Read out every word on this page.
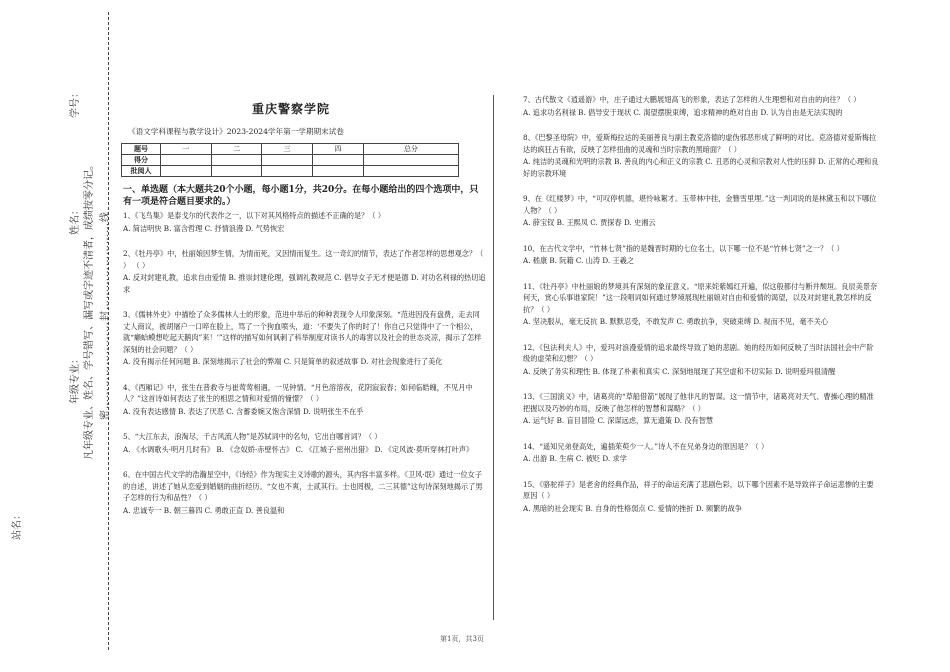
学号：
姓名：
年级专业：
站名：
凡年级专业、姓名、学号错写、漏写或字迹不清者，成绩按零分记。 密……………………封……………………线
重庆警察学院
《语文学科课程与教学设计》2023-2024学年第一学期期末试卷
题号	一	二	三	四	总分
得分					
批阅人					
一、单选题（本大题共20个小题，每小题1分，共20分。在每小题给出的四个选项中，只有一项是符合题目要求的。）

1、《飞鸟集》是泰戈尔的代表作之一，以下对其风格特点的描述不正确的是？（ ）

A. 简洁明快 B. 富含哲理 C. 抒情浪漫 D. 气势恢宏

2、《牡丹亭》中，杜丽娘因梦生情，为情而死，又因情而复生。这一奇幻的情节，表达了作者怎样的思想观念？（ ） （ ）

A. 反对封建礼教，追求自由爱情 B. 推崇封建伦理，强调礼教规范 C. 倡导女子无才便是德 D. 对功名利禄的热切追求

3、《儒林外史》中描绘了众多儒林人士的形象，范进中举后的种种表现令人印象深刻。“范进因没有盘费，走去同丈人商议，被胡屠户一口啐在脸上，骂了一个狗血喷头，道：‘不要失了你的时了！你自己只觉得中了一个相公，就“癞蛤蟆想吃起天鹅肉”来！’”这样的描写如何讽刺了科举制度对读书人的毒害以及社会的世态炎凉，揭示了怎样深刻的社会问题？（ ）

A. 没有揭示任何问题 B. 深刻地揭示了社会的弊端 C. 只是简单的叙述故事 D. 对社会现象进行了美化

4、《西厢记》中，张生在普救寺与崔莺莺相遇，一见钟情。“月色溶溶夜，花阴寂寂春；如何临皓魄，不见月中人？”这首诗如何表达了张生的相思之情和对爱情的憧憬？（ ）

A. 没有表达感情 B. 表达了厌恶 C. 含蓄委婉又饱含深情 D. 说明张生不在乎

5、“大江东去，浪淘尽，千古风流人物”是苏轼词中的名句，它出自哪首词？（ ）

A. 《水调歌头·明月几时有》 B. 《念奴娇·赤壁怀古》 C. 《江城子·密州出猎》 D. 《定风波·莫听穿林打叶声》

6、在中国古代文学的浩瀚星空中，《诗经》作为现实主义诗歌的源头，其内容丰富多样。《卫风·氓》通过一位女子的自述，讲述了她从恋爱到婚姻的曲折经历。“女也不爽，士贰其行。士也罔极，二三其德”这句诗深刻地揭示了男子怎样的行为和品性？（ ）

A. 忠诚专一 B. 朝三暮四 C. 勇敢正直 D. 善良温和

7、古代散文《逍遥游》中，庄子通过大鹏展翅高飞的形象，表达了怎样的人生理想和对自由的向往？（ ）

A. 追求功名利禄 B. 倡导安于现状 C. 渴望摆脱束缚，追求精神的绝对自由 D. 认为自由是无法实现的

8、《巴黎圣母院》中，爱斯梅拉达的美丽善良与副主教克洛德的虚伪邪恶形成了鲜明的对比。克洛德对爱斯梅拉达的疯狂占有欲，反映了怎样扭曲的灵魂和当时宗教的黑暗面？（ ）

A. 纯洁的灵魂和光明的宗教 B. 善良的内心和正义的宗教 C. 丑恶的心灵和宗教对人性的压抑 D. 正常的心理和良好的宗教环境

9、在《红楼梦》中，“可叹停机德，堪怜咏絮才。玉带林中挂，金簪雪里埋。”这一判词说的是林黛玉和以下哪位人物？（ ）

A. 薛宝钗 B. 王熙凤 C. 贾探春 D. 史湘云

10、在古代文学中，“竹林七贤”指的是魏晋时期的七位名士，以下哪一位不是“竹林七贤”之一？（ ）

A. 嵇康 B. 阮籍 C. 山涛 D. 王羲之

11、《牡丹亭》中杜丽娘的梦境具有深刻的象征意义。“原来姹紫嫣红开遍，似这般都付与断井颓垣。良辰美景奈何天，赏心乐事谁家院！”这一段唱词如何通过梦境展现杜丽娘对自由和爱情的渴望，以及对封建礼教怎样的反抗？（ ）

A. 坚决服从，毫无反抗 B. 默默忍受，不敢发声 C. 勇敢抗争，突破束缚 D. 视而不见，毫不关心

12、《包法利夫人》中，爱玛对浪漫爱情的追求最终导致了她的悲剧。她的经历如何反映了当时法国社会中产阶级的虚荣和幻想？（ ）

A. 反映了务实和理性 B. 体现了朴素和真实 C. 深刻地展现了其空虚和不切实际 D. 说明爱玛很清醒

13、《三国演义》中，诸葛亮的“草船借箭”展现了他非凡的智谋。这一情节中，诸葛亮对天气、曹操心理的精准把握以及巧妙的布局，反映了他怎样的智慧和谋略？（ ）

A. 运气好 B. 盲目冒险 C. 深谋远虑，算无遗策 D. 没有智慧

14、“遥知兄弟登高处，遍插茱萸少一人。”诗人不在兄弟身边的原因是？（ ）

A. 出游 B. 生病 C. 被贬 D. 求学

15、《骆驼祥子》是老舍的经典作品，祥子的命运充满了悲剧色彩，以下哪个因素不是导致祥子命运悲惨的主要原因（ ）

A. 黑暗的社会现实 B. 自身的性格弱点 C. 爱情的挫折 D. 频繁的战争

第1页，共3页
